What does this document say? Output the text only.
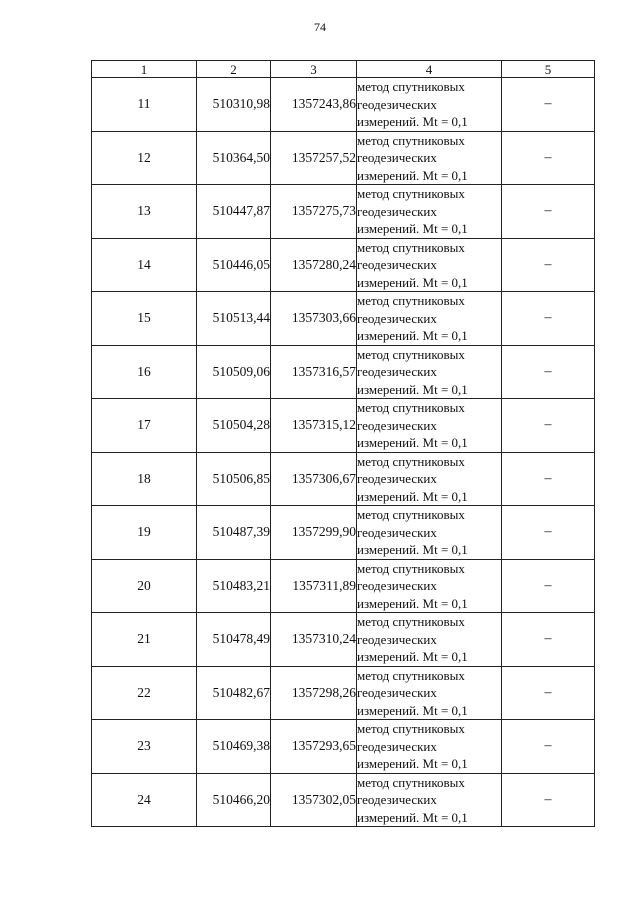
74
1	2	3	4	5
11	510310,98	1357243,86	метод спутниковых
геодезических
измерений. Mt = 0,1	–
12	510364,50	1357257,52	метод спутниковых
геодезических
измерений. Mt = 0,1	–
13	510447,87	1357275,73	метод спутниковых
геодезических
измерений. Mt = 0,1	–
14	510446,05	1357280,24	метод спутниковых
геодезических
измерений. Mt = 0,1	–
15	510513,44	1357303,66	метод спутниковых
геодезических
измерений. Mt = 0,1	–
16	510509,06	1357316,57	метод спутниковых
геодезических
измерений. Mt = 0,1	–
17	510504,28	1357315,12	метод спутниковых
геодезических
измерений. Mt = 0,1	–
18	510506,85	1357306,67	метод спутниковых
геодезических
измерений. Mt = 0,1	–
19	510487,39	1357299,90	метод спутниковых
геодезических
измерений. Mt = 0,1	–
20	510483,21	1357311,89	метод спутниковых
геодезических
измерений. Mt = 0,1	–
21	510478,49	1357310,24	метод спутниковых
геодезических
измерений. Mt = 0,1	–
22	510482,67	1357298,26	метод спутниковых
геодезических
измерений. Mt = 0,1	–
23	510469,38	1357293,65	метод спутниковых
геодезических
измерений. Mt = 0,1	–
24	510466,20	1357302,05	метод спутниковых
геодезических
измерений. Mt = 0,1	–
